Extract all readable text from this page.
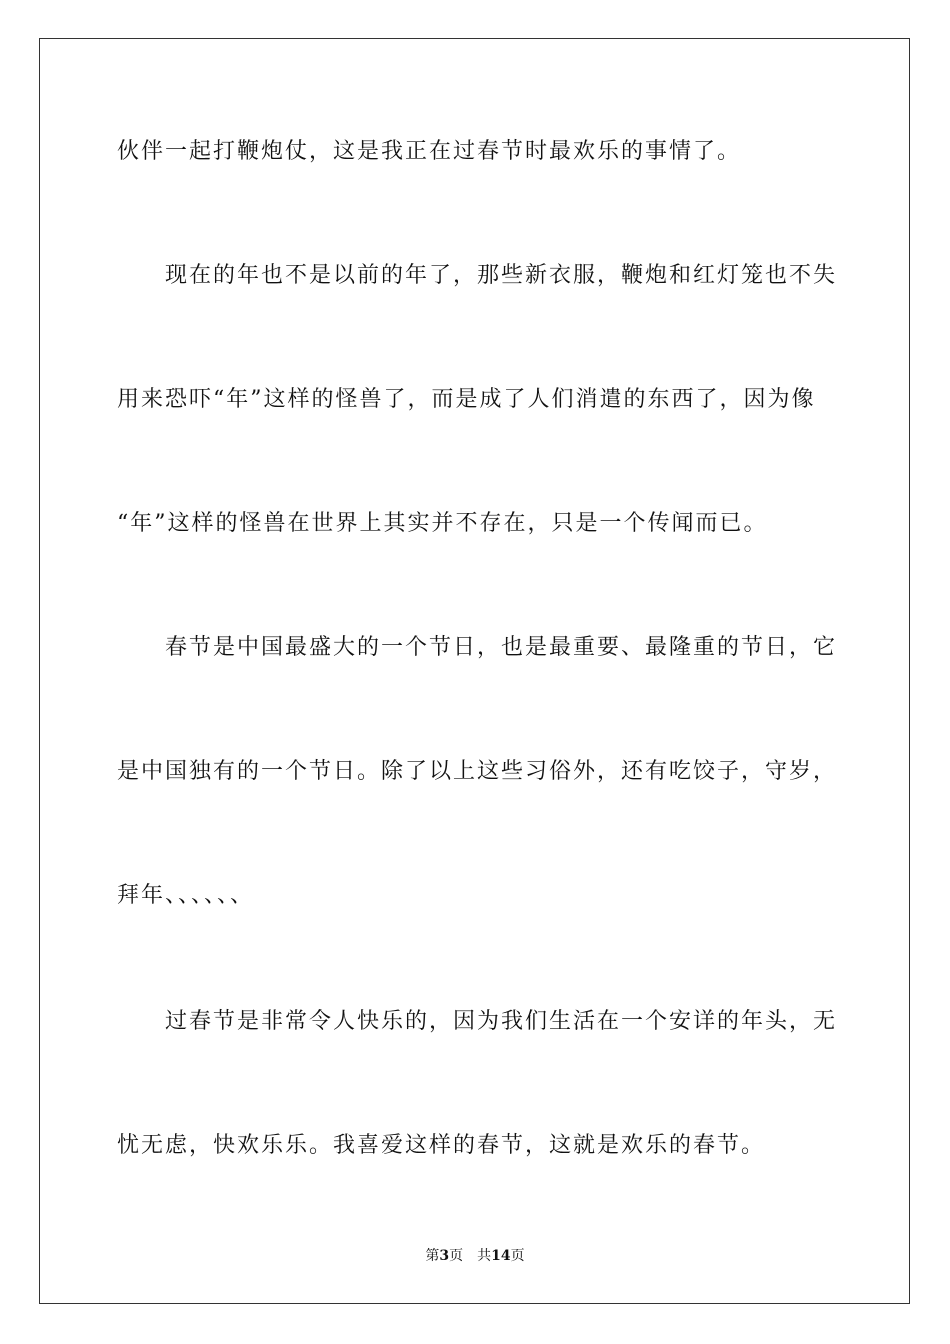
伙伴一起打鞭炮仗，这是我正在过春节时最欢乐的事情了。
现在的年也不是以前的年了，那些新衣服，鞭炮和红灯笼也不失
用来恐吓“年”这样的怪兽了，而是成了人们消遣的东西了，因为像
“年”这样的怪兽在世界上其实并不存在，只是一个传闻而已。
春节是中国最盛大的一个节日，也是最重要、最隆重的节日，它
是中国独有的一个节日。除了以上这些习俗外，还有吃饺子，守岁，
拜年、、、、、、
过春节是非常令人快乐的，因为我们生活在一个安详的年头，无
忧无虑，快欢乐乐。我喜爱这样的春节，这就是欢乐的春节。
第3页 共14页
